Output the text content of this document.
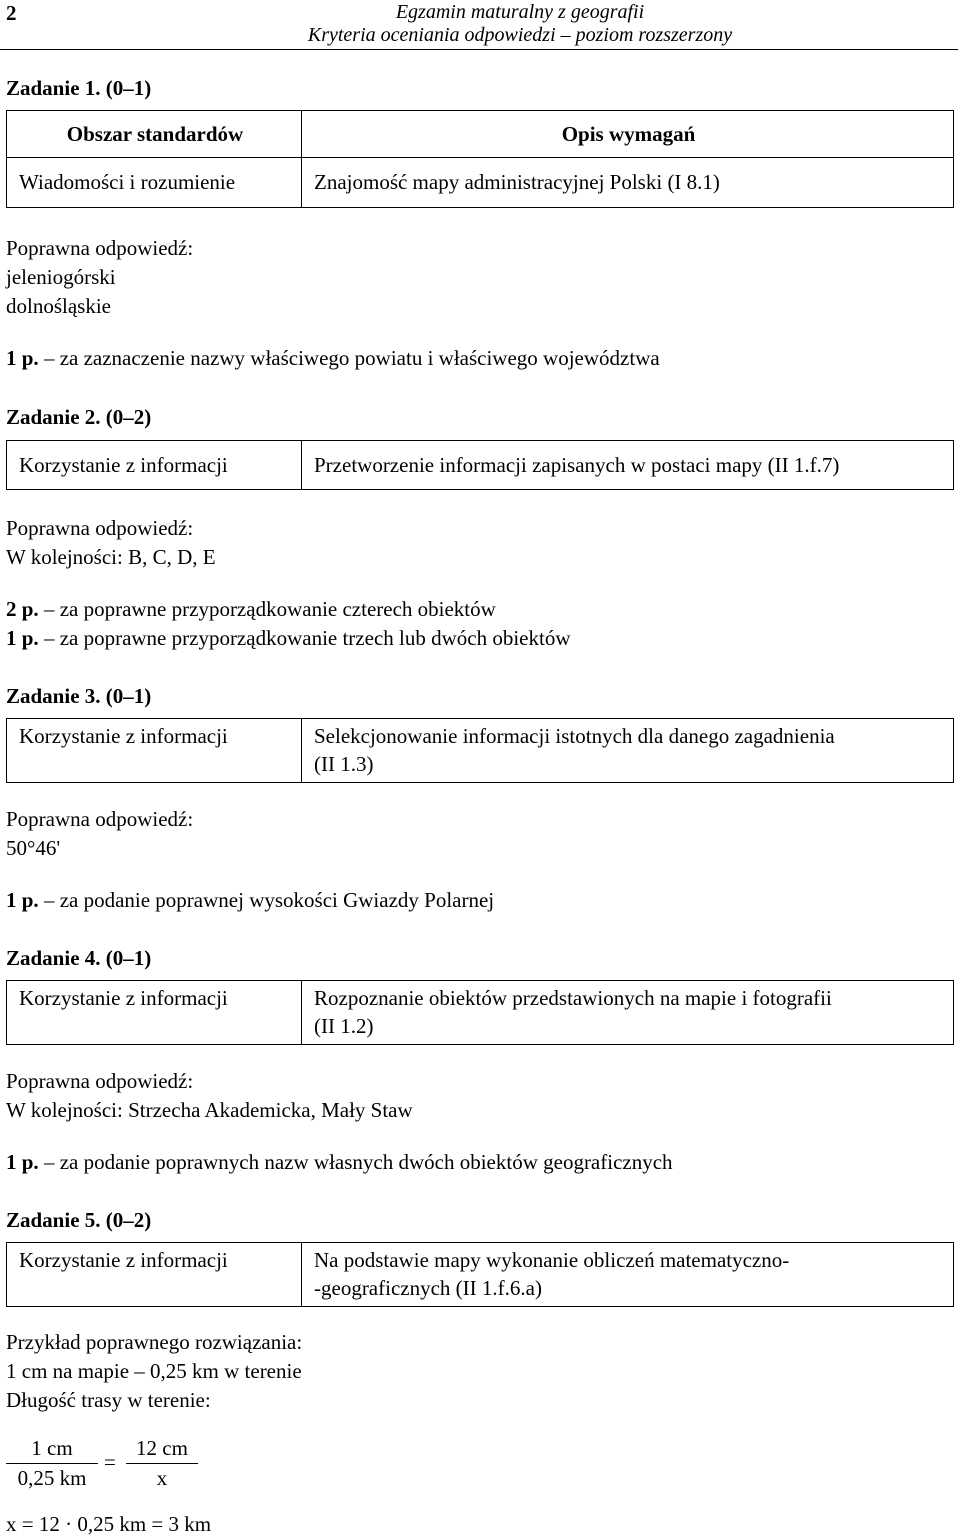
2	Egzamin maturalny z geografii
Kryteria oceniania odpowiedzi – poziom rozszerzony
Zadanie 1. (0–1)
Obszar standardów	Opis wymagań
Wiadomości i rozumienie	Znajomość mapy administracyjnej Polski (I 8.1)
Poprawna odpowiedź:
jeleniogórski
dolnośląskie
1 p. – za zaznaczenie nazwy właściwego powiatu i właściwego województwa
Zadanie 2. (0–2)
Korzystanie z informacji	Przetworzenie informacji zapisanych w postaci mapy (II 1.f.7)
Poprawna odpowiedź:
W kolejności: B, C, D, E
2 p. – za poprawne przyporządkowanie czterech obiektów
1 p. – za poprawne przyporządkowanie trzech lub dwóch obiektów
Zadanie 3. (0–1)
Korzystanie z informacji	Selekcjonowanie informacji istotnych dla danego zagadnienia
(II 1.3)
Poprawna odpowiedź:
50°46'
1 p. – za podanie poprawnej wysokości Gwiazdy Polarnej
Zadanie 4. (0–1)
Korzystanie z informacji	Rozpoznanie obiektów przedstawionych na mapie i fotografii
(II 1.2)
Poprawna odpowiedź:
W kolejności: Strzecha Akademicka, Mały Staw
1 p. – za podanie poprawnych nazw własnych dwóch obiektów geograficznych
Zadanie 5. (0–2)
Korzystanie z informacji	Na podstawie mapy wykonanie obliczeń matematyczno-
-geograficznych (II 1.f.6.a)
Przykład poprawnego rozwiązania:
1 cm na mapie – 0,25 km w terenie
Długość trasy w terenie:
1 cm
0,25 km
=
12 cm
x
x = 12 · 0,25 km = 3 km
